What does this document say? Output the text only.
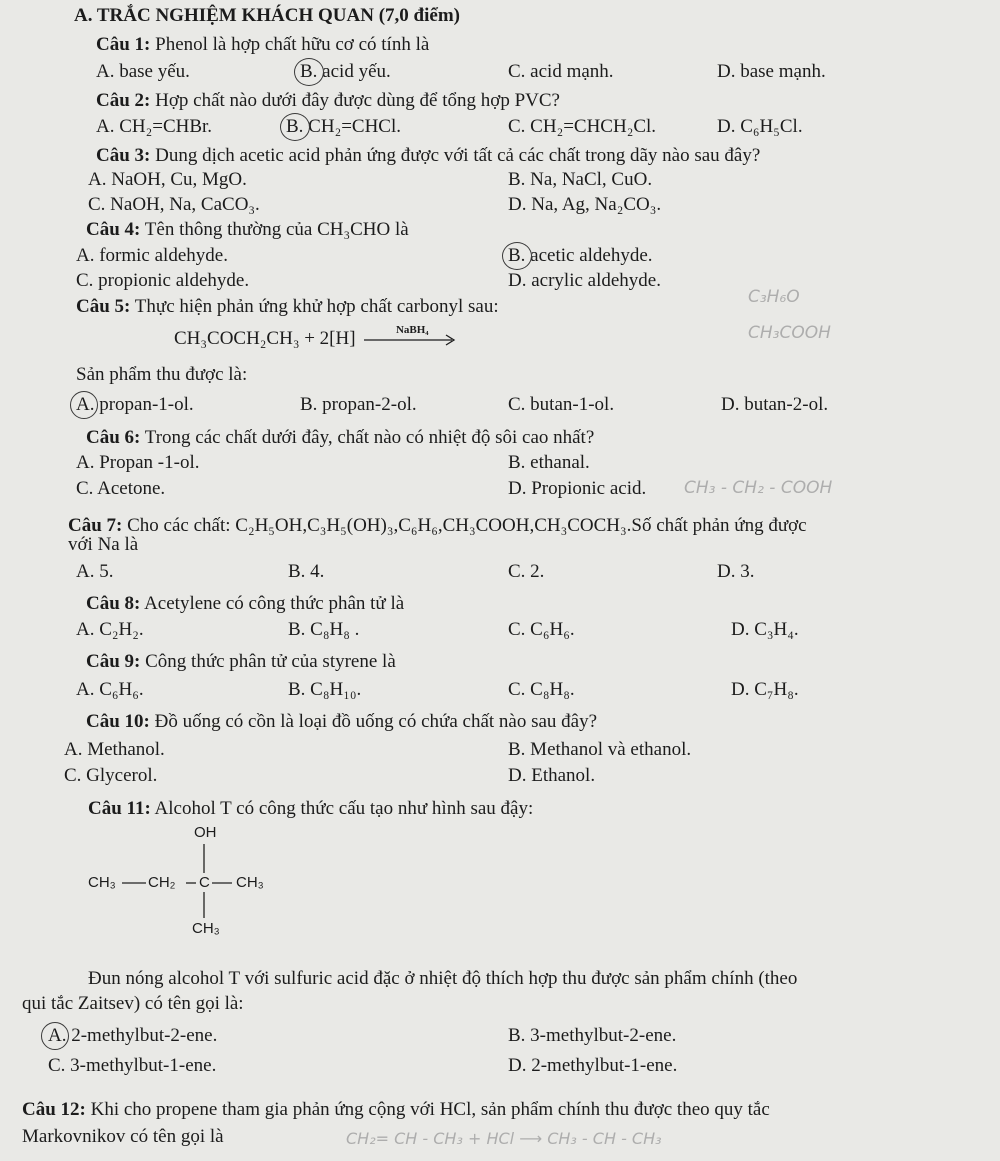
A. TRẮC NGHIỆM KHÁCH QUAN (7,0 điểm)
Câu 1: Phenol là hợp chất hữu cơ có tính là
A. base yếu.	B. acid yếu.	C. acid mạnh.	D. base mạnh.
Câu 2: Hợp chất nào dưới đây được dùng để tổng hợp PVC?
A. CH₂=CHBr.	B. CH₂=CHCl.	C. CH₂=CHCH₂Cl.	D. C₆H₅Cl.
Câu 3: Dung dịch acetic acid phản ứng được với tất cả các chất trong dãy nào sau đây?
A. NaOH, Cu, MgO.	B. Na, NaCl, CuO.
C. NaOH, Na, CaCO₃.	D. Na, Ag, Na₂CO₃.
Câu 4: Tên thông thường của CH₃CHO là
A. formic aldehyde.	B. acetic aldehyde.
C. propionic aldehyde.	D. acrylic aldehyde.
Câu 5: Thực hiện phản ứng khử hợp chất carbonyl sau:
CH₃COCH₂CH₃ + 2[H]	NaBH₄
Sản phẩm thu được là:
A. propan-1-ol.	B. propan-2-ol.	C. butan-1-ol.	D. butan-2-ol.
Câu 6: Trong các chất dưới đây, chất nào có nhiệt độ sôi cao nhất?
A. Propan -1-ol.	B. ethanal.
C. Acetone.	D. Propionic acid.
Câu 7: Cho các chất: C₂H₅OH,C₃H₅(OH)₃,C₆H₆,CH₃COOH,CH₃COCH₃.Số chất phản ứng được
với Na là
A. 5.	B. 4.	C. 2.	D. 3.
Câu 8: Acetylene có công thức phân tử là
A. C₂H₂.	B. C₈H₈ .	C. C₆H₆.	D. C₃H₄.
Câu 9: Công thức phân tử của styrene là
A. C₆H₆.	B. C₈H₁₀.	C. C₈H₈.	D. C₇H₈.
Câu 10: Đồ uống có cồn là loại đồ uống có chứa chất nào sau đây?
A. Methanol.	B. Methanol và ethanol.
C. Glycerol.	D. Ethanol.
Câu 11: Alcohol T có công thức cấu tạo như hình sau đậy:
OH
CH₃ CH₂ C CH₃
CH₃
Đun nóng alcohol T với sulfuric acid đặc ở nhiệt độ thích hợp thu được sản phẩm chính (theo
qui tắc Zaitsev) có tên gọi là:
A. 2-methylbut-2-ene.	B. 3-methylbut-2-ene.
C. 3-methylbut-1-ene.	D. 2-methylbut-1-ene.
Câu 12: Khi cho propene tham gia phản ứng cộng với HCl, sản phẩm chính thu được theo quy tắc
Markovnikov có tên gọi là
C₃H₆O
CH₃COOH
CH₃ - CH₂ - COOH
CH₂= CH - CH₃ + HCl ⟶ CH₃ - CH - CH₃
